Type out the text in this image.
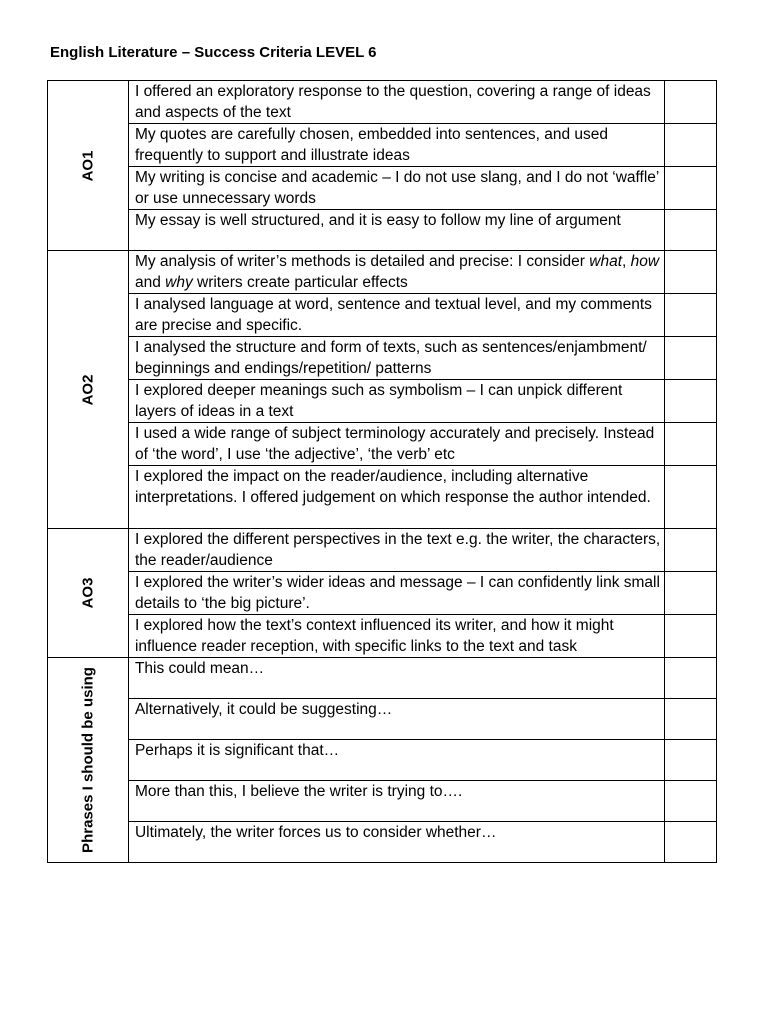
English Literature – Success Criteria LEVEL 6
AO1	I offered an exploratory response to the question, covering a range of ideas and aspects of the text	

	My quotes are carefully chosen, embedded into sentences, and used frequently to support and illustrate ideas	

	My writing is concise and academic – I do not use slang, and I do not ‘waffle’ or use unnecessary words	

	My essay is well structured, and it is easy to follow my line of argument	

AO2	My analysis of writer’s methods is detailed and precise: I consider what, how and why writers create particular effects	

	I analysed language at word, sentence and textual level, and my comments are precise and specific.	

	I analysed the structure and form of texts, such as sentences/enjambment/ beginnings and endings/repetition/ patterns	

	I explored deeper meanings such as symbolism – I can unpick different layers of ideas in a text	

	I used a wide range of subject terminology accurately and precisely. Instead of ‘the word’, I use ‘the adjective’, ‘the verb’ etc	

	I explored the impact on the reader/audience, including alternative interpretations. I offered judgement on which response the author intended.	

AO3	I explored the different perspectives in the text e.g. the writer, the characters, the reader/audience	

	I explored the writer’s wider ideas and message – I can confidently link small details to ‘the big picture’.	

	I explored how the text’s context influenced its writer, and how it might influence reader reception, with specific links to the text and task	

Phrases I should be using	This could mean…	

	Alternatively, it could be suggesting…	

	Perhaps it is significant that…	

	More than this, I believe the writer is trying to….	

	Ultimately, the writer forces us to consider whether…	
